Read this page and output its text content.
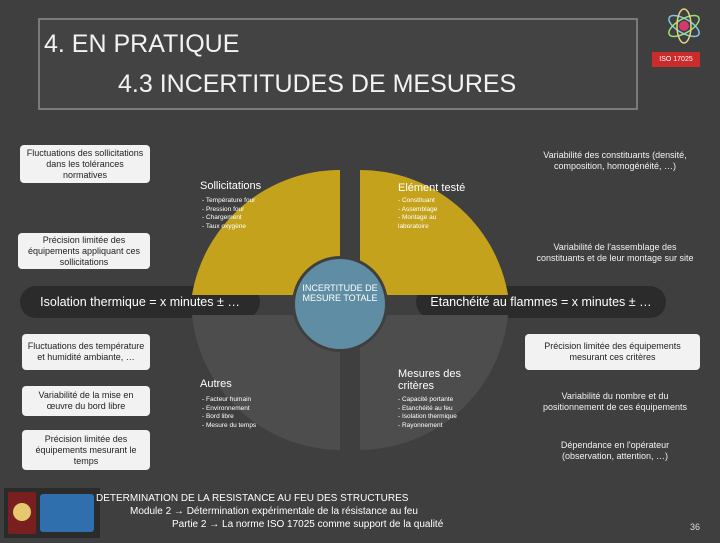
4. EN PRATIQUE
4.3 INCERTITUDES DE MESURES
ISO 17025
Fluctuations des sollicitations dans les tolérances normatives
Précision limitée des équipements appliquant ces sollicitations
Fluctuations des température et humidité ambiante, …
Variabilité de la mise en œuvre du bord libre
Précision limitée des équipements mesurant le temps
Variabilité des constituants (densité, composition, homogénéité, …)
Variabilité de l'assemblage des constituants et de leur montage sur site
Précision limitée des équipements mesurant ces critères
Variabilité du nombre et du positionnement de ces équipements
Dépendance en l'opérateur (observation, attention, …)
Isolation thermique = x minutes ± …	Etanchéité au flammes = x minutes ± …
Sollicitations
- Température four
- Pression four
- Chargement
- Taux oxygène
Elément testé
- Constituant
- Assemblage
- Montage au laboratoire
Autres
- Facteur humain
- Environnement
- Bord libre
- Mesure du temps
Mesures des critères
- Capacité portante
- Etanchéité au feu
- Isolation thermique
- Rayonnement
INCERTITUDE DE MESURE TOTALE
DETERMINATION DE LA RESISTANCE AU FEU DES STRUCTURES
Module 2 → Détermination expérimentale de la résistance au feu
Partie 2 → La norme ISO 17025 comme support de la qualité	36
